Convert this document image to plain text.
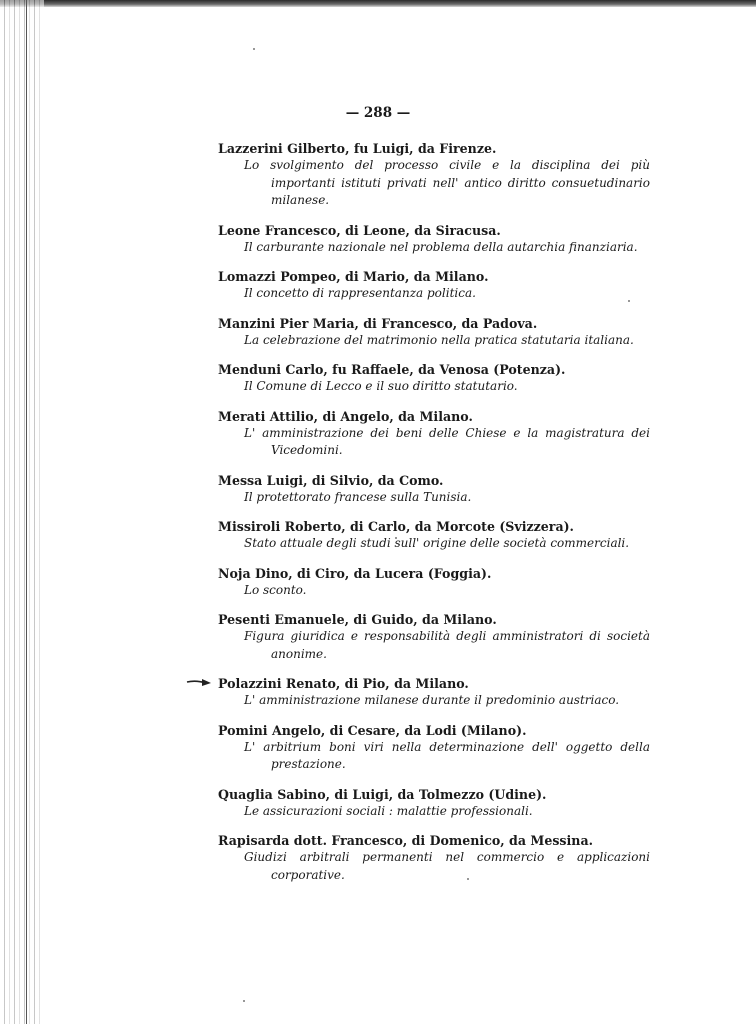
— 288 —
Lazzerini Gilberto, fu Luigi, da Firenze.
Lo svolgimento del processo civile e la disciplina dei più importanti istituti privati nell' antico diritto consuetudinario milanese.
Leone Francesco, di Leone, da Siracusa.
Il carburante nazionale nel problema della autarchia finanziaria.
Lomazzi Pompeo, di Mario, da Milano.
Il concetto di rappresentanza politica.
Manzini Pier Maria, di Francesco, da Padova.
La celebrazione del matrimonio nella pratica statutaria italiana.
Menduni Carlo, fu Raffaele, da Venosa (Potenza).
Il Comune di Lecco e il suo diritto statutario.
Merati Attilio, di Angelo, da Milano.
L' amministrazione dei beni delle Chiese e la magistratura dei Vicedomini.
Messa Luigi, di Silvio, da Como.
Il protettorato francese sulla Tunisia.
Missiroli Roberto, di Carlo, da Morcote (Svizzera).
Stato attuale degli studi sull' origine delle società commerciali.
Noja Dino, di Ciro, da Lucera (Foggia).
Lo sconto.
Pesenti Emanuele, di Guido, da Milano.
Figura giuridica e responsabilità degli amministratori di società anonime.
Polazzini Renato, di Pio, da Milano.
L' amministrazione milanese durante il predominio austriaco.
Pomini Angelo, di Cesare, da Lodi (Milano).
L' arbitrium boni viri nella determinazione dell' oggetto della prestazione.
Quaglia Sabino, di Luigi, da Tolmezzo (Udine).
Le assicurazioni sociali : malattie professionali.
Rapisarda dott. Francesco, di Domenico, da Messina.
Giudizi arbitrali permanenti nel commercio e applicazioni corporative.
